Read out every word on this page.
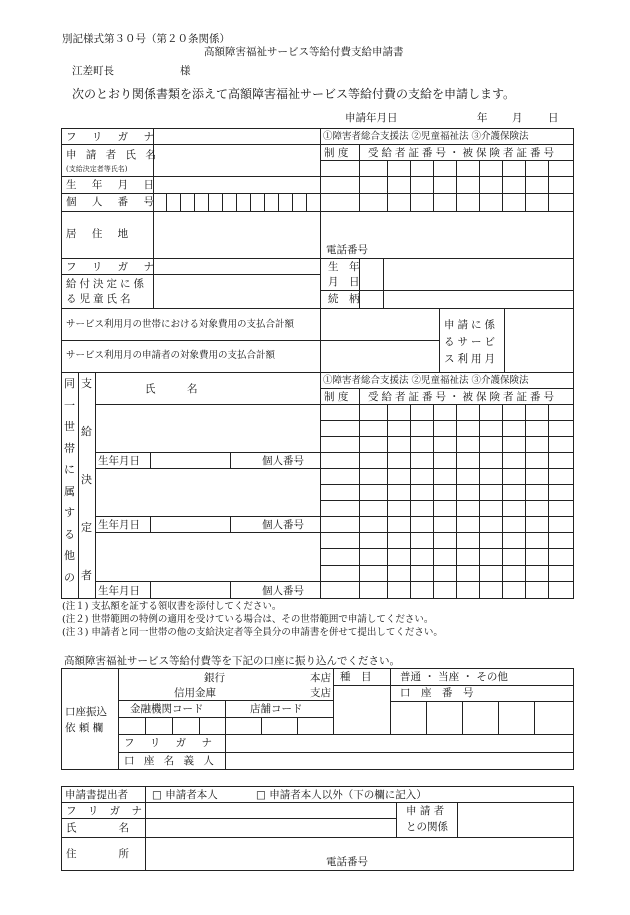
別記様式第３０号（第２０条関係）
高額障害福祉サービス等給付費支給申請書
江差町長	様
次のとおり関係書類を添えて高額障害福祉サービス等給付費の支給を申請します。
申請年月日	年 月 日
フ リ ガ ナ
申 請 者 氏 名
(支給決定者等氏名)
生 年 月 日
個 人 番 号
居 住 地
電話番号
①障害者総合支援法 ②児童福祉法 ③介護保険法
制 度 受給者証番号・被保険者証番号
フ リ ガ ナ
給付決定に係
る児童氏名
生　年
月　日
続　柄
サービス利用月の世帯における対象費用の支払合計額
サービス利用月の申請者の対象費用の支払合計額
申請に係
るサービ
ス利用月
同
一
世
帯
に
属
す
る
他
の
支
給
決
定
者
氏　　　名
①障害者総合支援法 ②児童福祉法 ③介護保険法
制 度 受給者証番号・被保険者証番号
生年月日	個人番号
生年月日	個人番号
生年月日	個人番号
(注１) 支払額を証する領収書を添付してください。
(注２) 世帯範囲の特例の適用を受けている場合は、その世帯範囲で申請してください。
(注３) 申請者と同一世帯の他の支給決定者等全員分の申請書を併せて提出してください。
高額障害福祉サービス等給付費等を下記の口座に振り込んでください。
口座振込
依 頼 欄
銀行
信用金庫
本店
支店
種　目	普通 ・ 当座 ・ その他
口　座　番　号
金融機関コード	店舗コード
フ リ ガ ナ
口 座 名 義 人
申請書提出者 □ 申請者本人	□ 申請者本人以外（下の欄に記入）
フ リ ガ ナ
氏　　　　名
申 請 者
との関係
住　　　　所
電話番号
